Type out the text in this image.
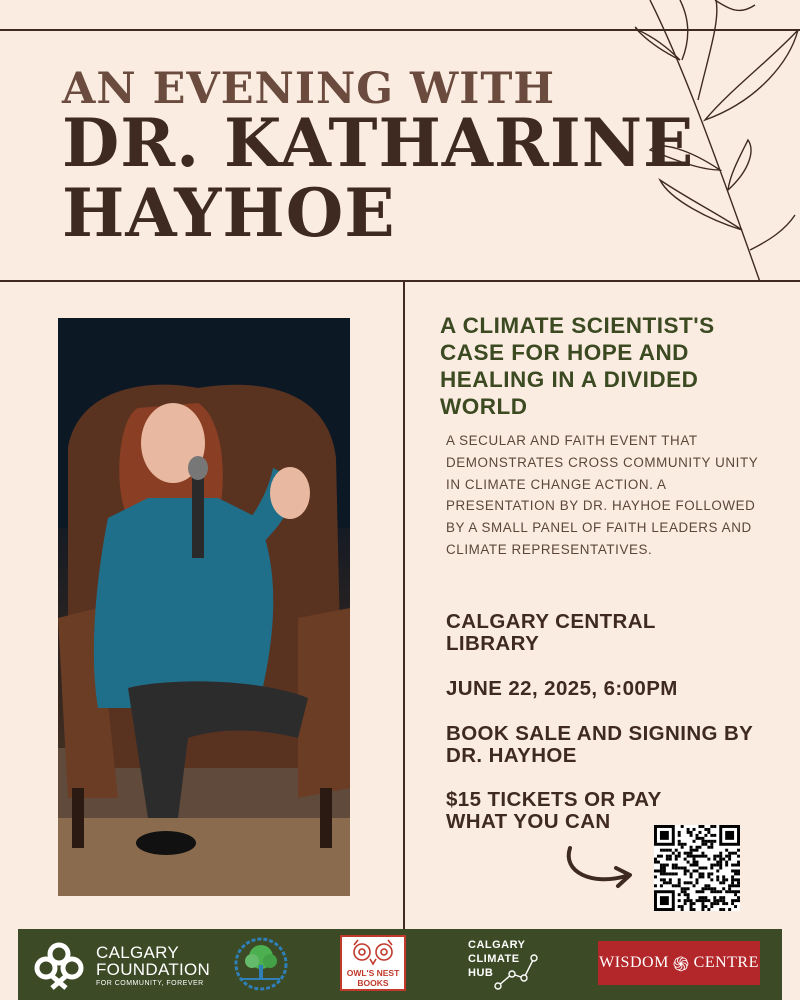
AN EVENING WITH
DR. KATHARINE
HAYHOE
A CLIMATE SCIENTIST'S CASE FOR HOPE AND HEALING IN A DIVIDED WORLD
A SECULAR AND FAITH EVENT THAT DEMONSTRATES CROSS COMMUNITY UNITY IN CLIMATE CHANGE ACTION. A PRESENTATION BY DR. HAYHOE FOLLOWED BY A SMALL PANEL OF FAITH LEADERS AND CLIMATE REPRESENTATIVES.
CALGARY CENTRAL LIBRARY
JUNE 22, 2025, 6:00PM
BOOK SALE AND SIGNING BY DR. HAYHOE
$15 TICKETS OR PAY WHAT YOU CAN
CALGARY
FOUNDATION
FOR COMMUNITY, FOREVER
OWL'S NEST
BOOKS
CALGARY
CLIMATE
HUB
WISDOM ֍ CENTRE
